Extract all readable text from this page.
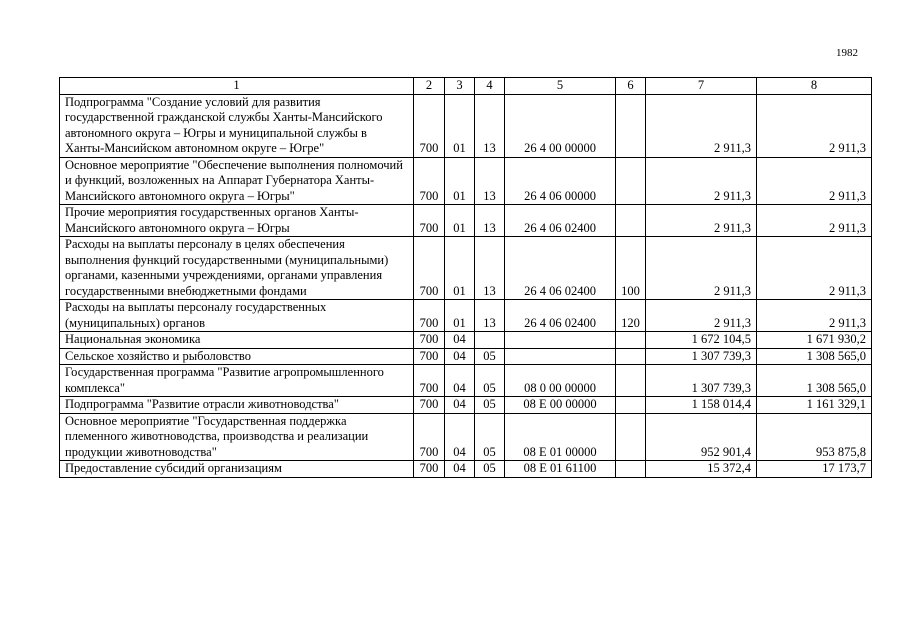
1982
1	2	3	4	5	6	7	8
Подпрограмма "Создание условий для развития государственной гражданской службы Ханты-Мансийского автономного округа – Югры и муниципальной службы в Ханты-Мансийском автономном округе – Югре"	700	01	13	26 4 00 00000		2 911,3	2 911,3
Основное мероприятие "Обеспечение выполнения полномочий и функций, возложенных на Аппарат Губернатора Ханты-Мансийского автономного округа – Югры"	700	01	13	26 4 06 00000		2 911,3	2 911,3
Прочие мероприятия государственных органов Ханты-Мансийского автономного округа – Югры	700	01	13	26 4 06 02400		2 911,3	2 911,3
Расходы на выплаты персоналу в целях обеспечения выполнения функций государственными (муниципальными) органами, казенными учреждениями, органами управления государственными внебюджетными фондами	700	01	13	26 4 06 02400	100	2 911,3	2 911,3
Расходы на выплаты персоналу государственных (муниципальных) органов	700	01	13	26 4 06 02400	120	2 911,3	2 911,3
Национальная экономика	700	04				1 672 104,5	1 671 930,2
Сельское хозяйство и рыболовство	700	04	05			1 307 739,3	1 308 565,0
Государственная программа "Развитие агропромышленного комплекса"	700	04	05	08 0 00 00000		1 307 739,3	1 308 565,0
Подпрограмма "Развитие отрасли животноводства"	700	04	05	08 Е 00 00000		1 158 014,4	1 161 329,1
Основное мероприятие "Государственная поддержка племенного животноводства, производства и реализации продукции животноводства"	700	04	05	08 Е 01 00000		952 901,4	953 875,8
Предоставление субсидий организациям	700	04	05	08 Е 01 61100		15 372,4	17 173,7
